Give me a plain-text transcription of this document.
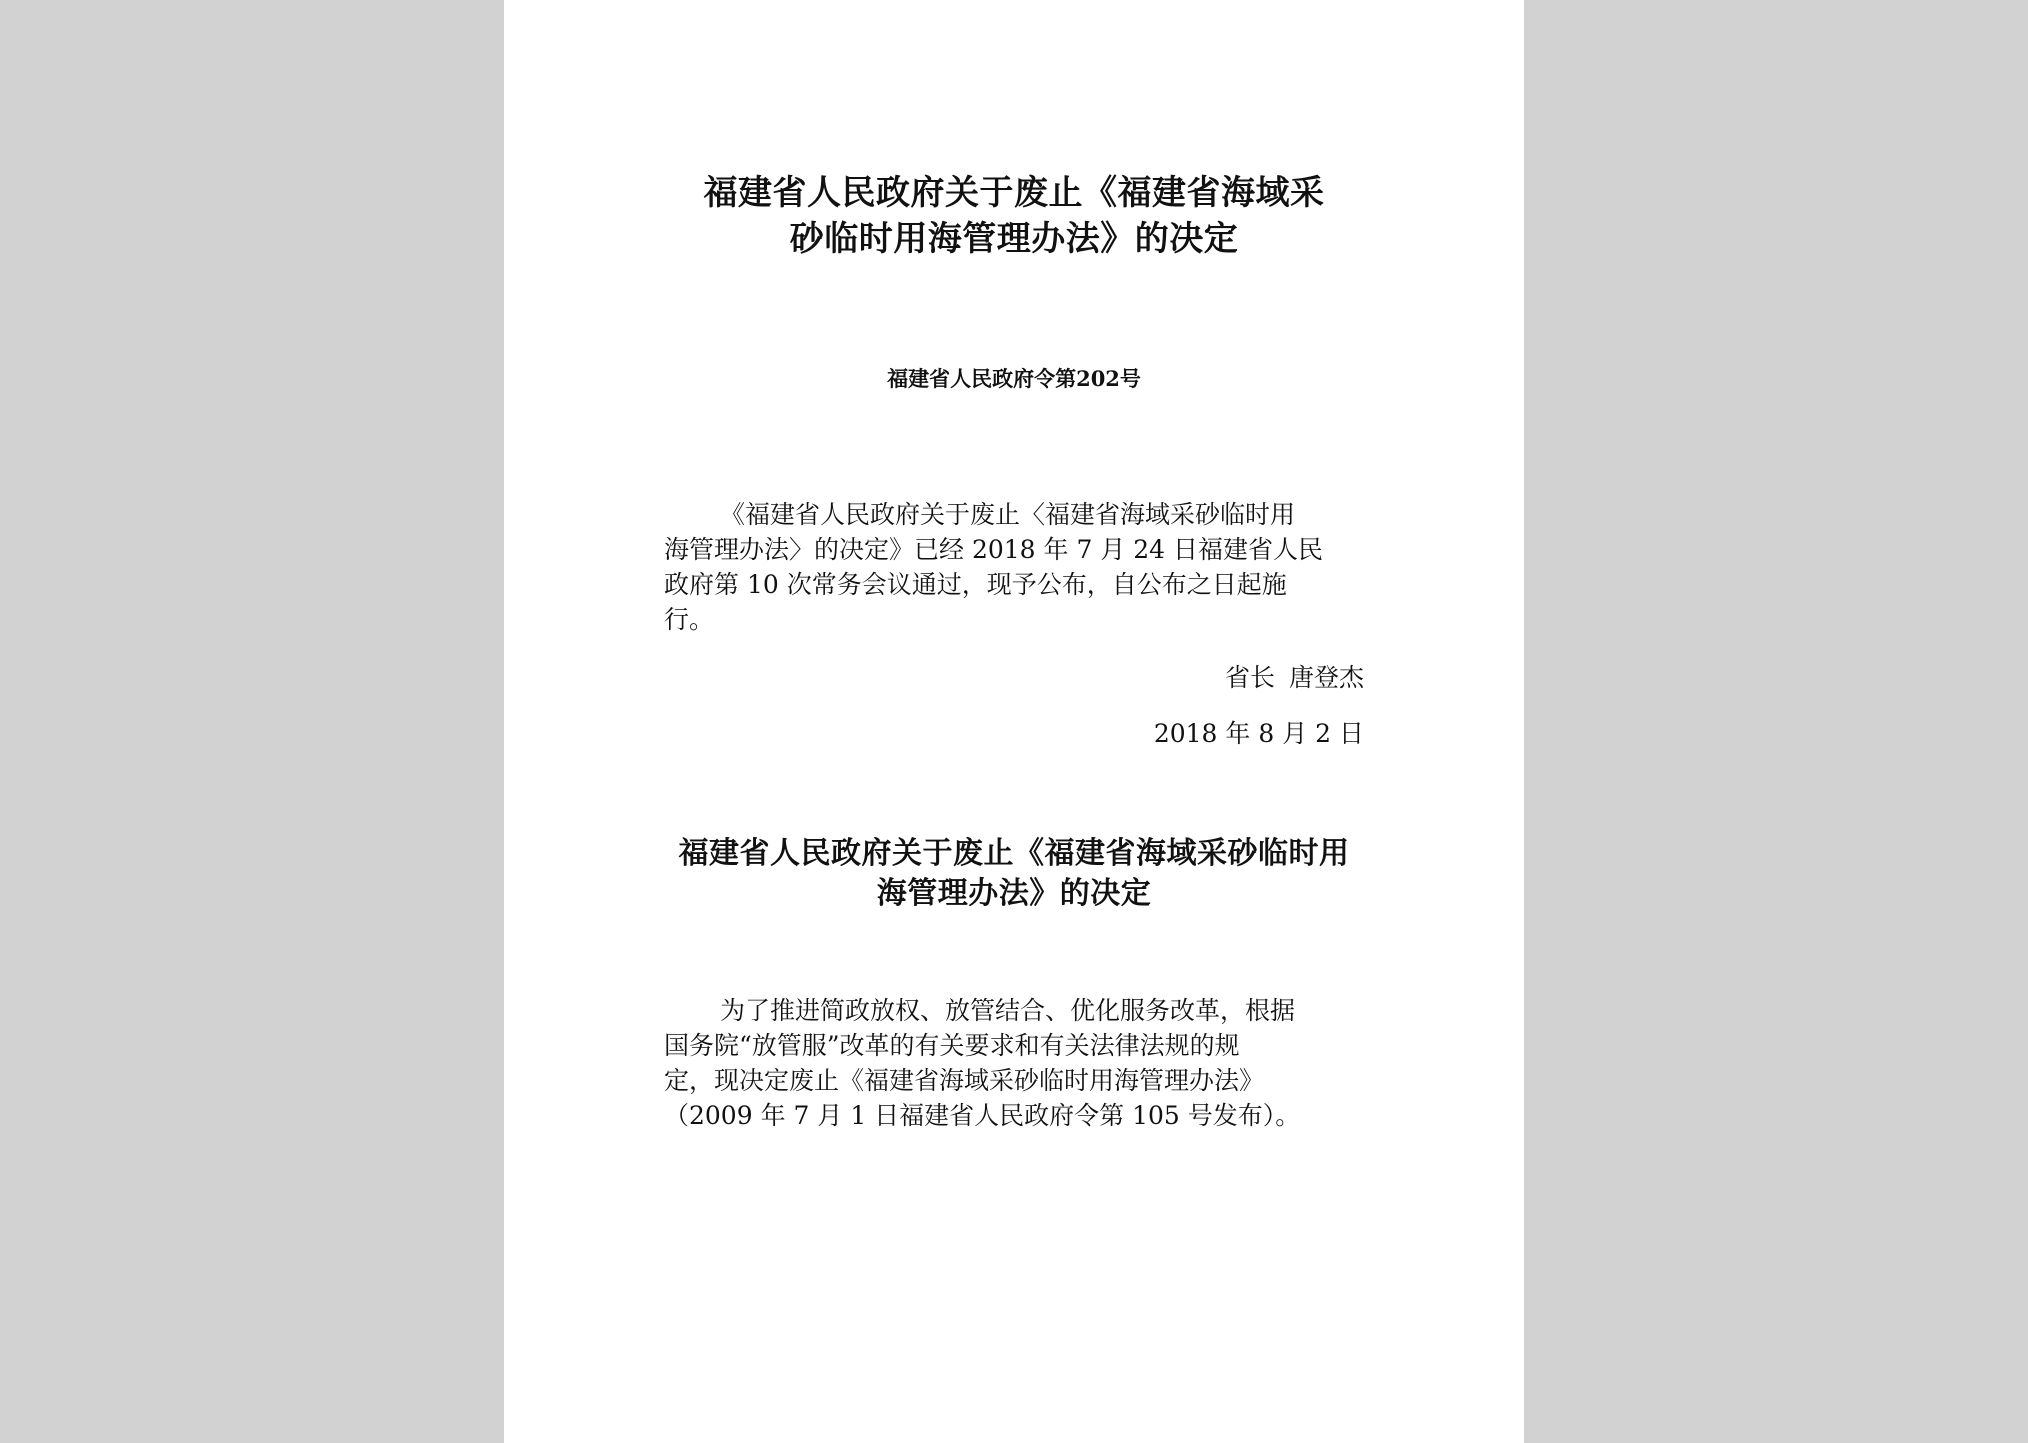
福建省人民政府关于废止《福建省海域采
砂临时用海管理办法》的决定
福建省人民政府令第202号
《福建省人民政府关于废止〈福建省海域采砂临时用
海管理办法〉的决定》已经 2018 年 7 月 24 日福建省人民
政府第 10 次常务会议通过，现予公布，自公布之日起施
行。
省长 唐登杰
2018 年 8 月 2 日
福建省人民政府关于废止《福建省海域采砂临时用
海管理办法》的决定
为了推进简政放权、放管结合、优化服务改革，根据
国务院“放管服”改革的有关要求和有关法律法规的规
定，现决定废止《福建省海域采砂临时用海管理办法》
（2009 年 7 月 1 日福建省人民政府令第 105 号发布）。
